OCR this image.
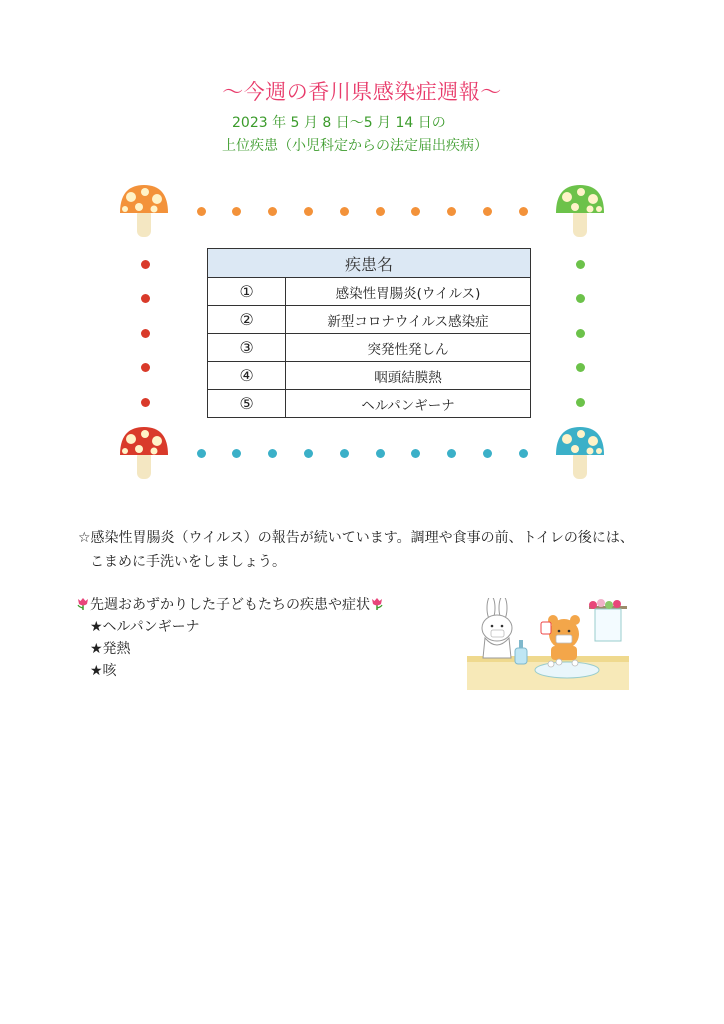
～今週の香川県感染症週報～
2023 年 5 月 8 日～5 月 14 日の
上位疾患（小児科定からの法定届出疾病）
疾患名	
①	感染性胃腸炎(ウイルス)
②	新型コロナウイルス感染症
③	突発性発しん
④	咽頭結膜熱
⑤	ヘルパンギーナ
☆感染性胃腸炎（ウイルス）の報告が続いています。調理や食事の前、トイレの後には、
こまめに手洗いをしましょう。
先週おあずかりした子どもたちの疾患や症状
★ヘルパンギーナ
★発熱
★咳
